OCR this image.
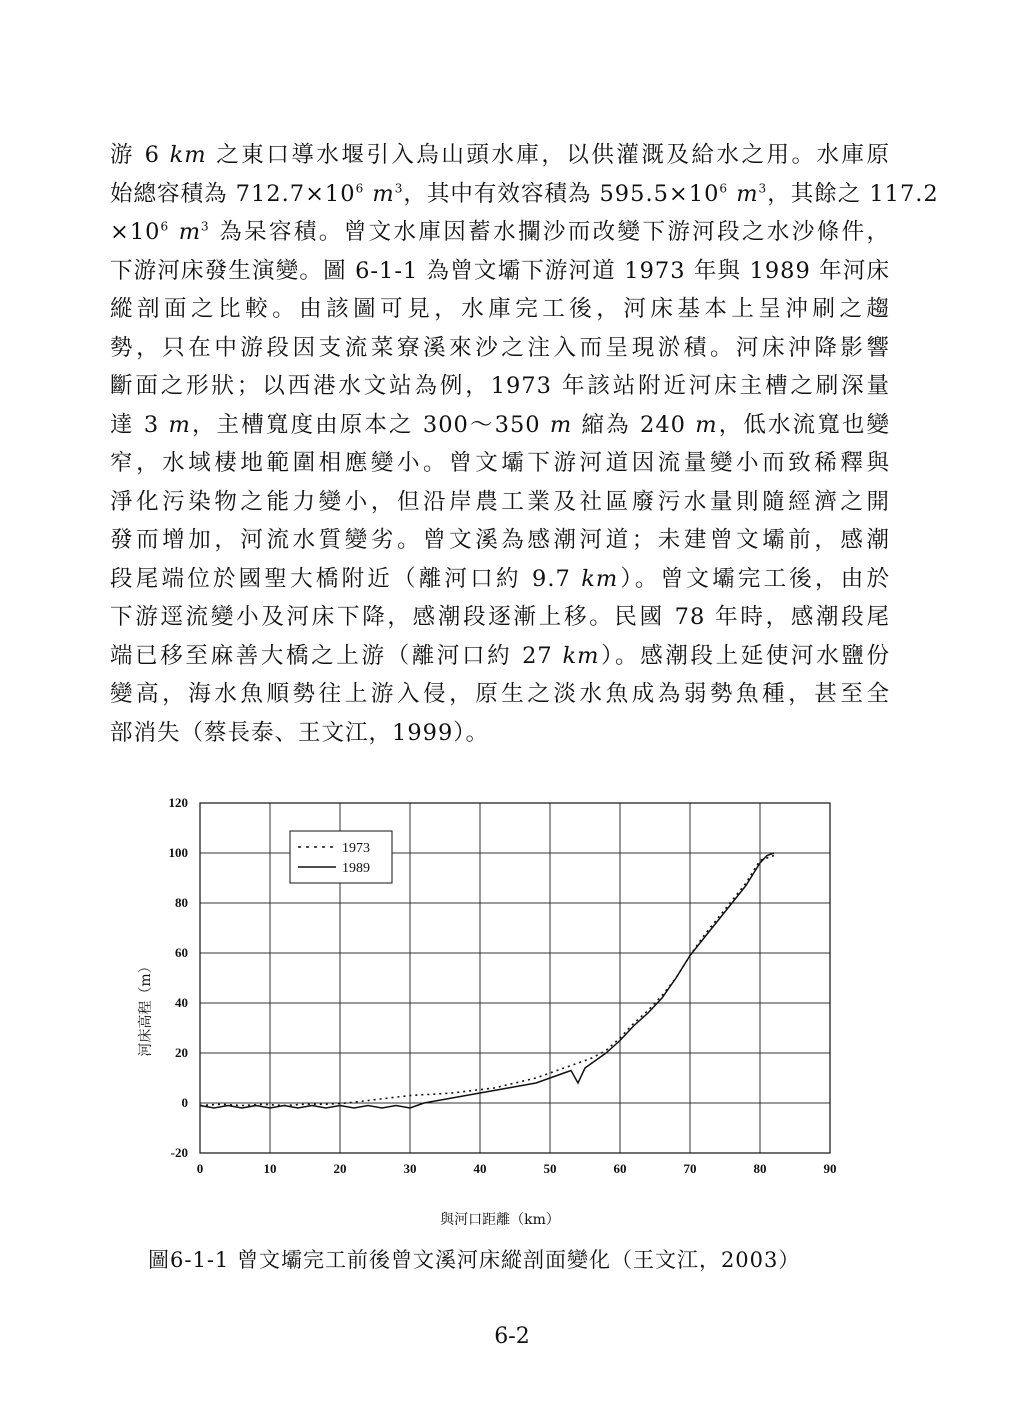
游 6 km 之東口導水堰引入烏山頭水庫，以供灌溉及給水之用。水庫原
始總容積為 $712.7\times 10^6$ $m^3$，其中有效容積為 $595.5\times 10^6$ $m^3$，其餘之 117.2
$\times 10^6$ $m^3$ 為呆容積。曾文水庫因蓄水攔沙而改變下游河段之水沙條件，
下游河床發生演變。圖 6-1-1 為曾文壩下游河道 1973 年與 1989 年河床
縱剖面之比較。由該圖可見，水庫完工後，河床基本上呈沖刷之趨
勢，只在中游段因支流菜寮溪來沙之注入而呈現淤積。河床沖降影響
斷面之形狀；以西港水文站為例，1973 年該站附近河床主槽之刷深量
達 3 m，主槽寬度由原本之 300～350 m 縮為 240 m，低水流寬也變
窄，水域棲地範圍相應變小。曾文壩下游河道因流量變小而致稀釋與
淨化污染物之能力變小，但沿岸農工業及社區廢污水量則隨經濟之開
發而增加，河流水質變劣。曾文溪為感潮河道；未建曾文壩前，感潮
段尾端位於國聖大橋附近（離河口約 9.7 km）。曾文壩完工後，由於
下游逕流變小及河床下降，感潮段逐漸上移。民國 78 年時，感潮段尾
端已移至麻善大橋之上游（離河口約 27 km）。感潮段上延使河水鹽份
變高，海水魚順勢往上游入侵，原生之淡水魚成為弱勢魚種，甚至全
部消失（蔡長泰、王文江，1999）。
0	10	20	30	40	50	60	70	80	90
120
100
80
60
40
20
0
-20
1973
1989
與河口距離（km）
河床高程（m）
圖6-1-1 曾文壩完工前後曾文溪河床縱剖面變化（王文江，2003）
6-2
